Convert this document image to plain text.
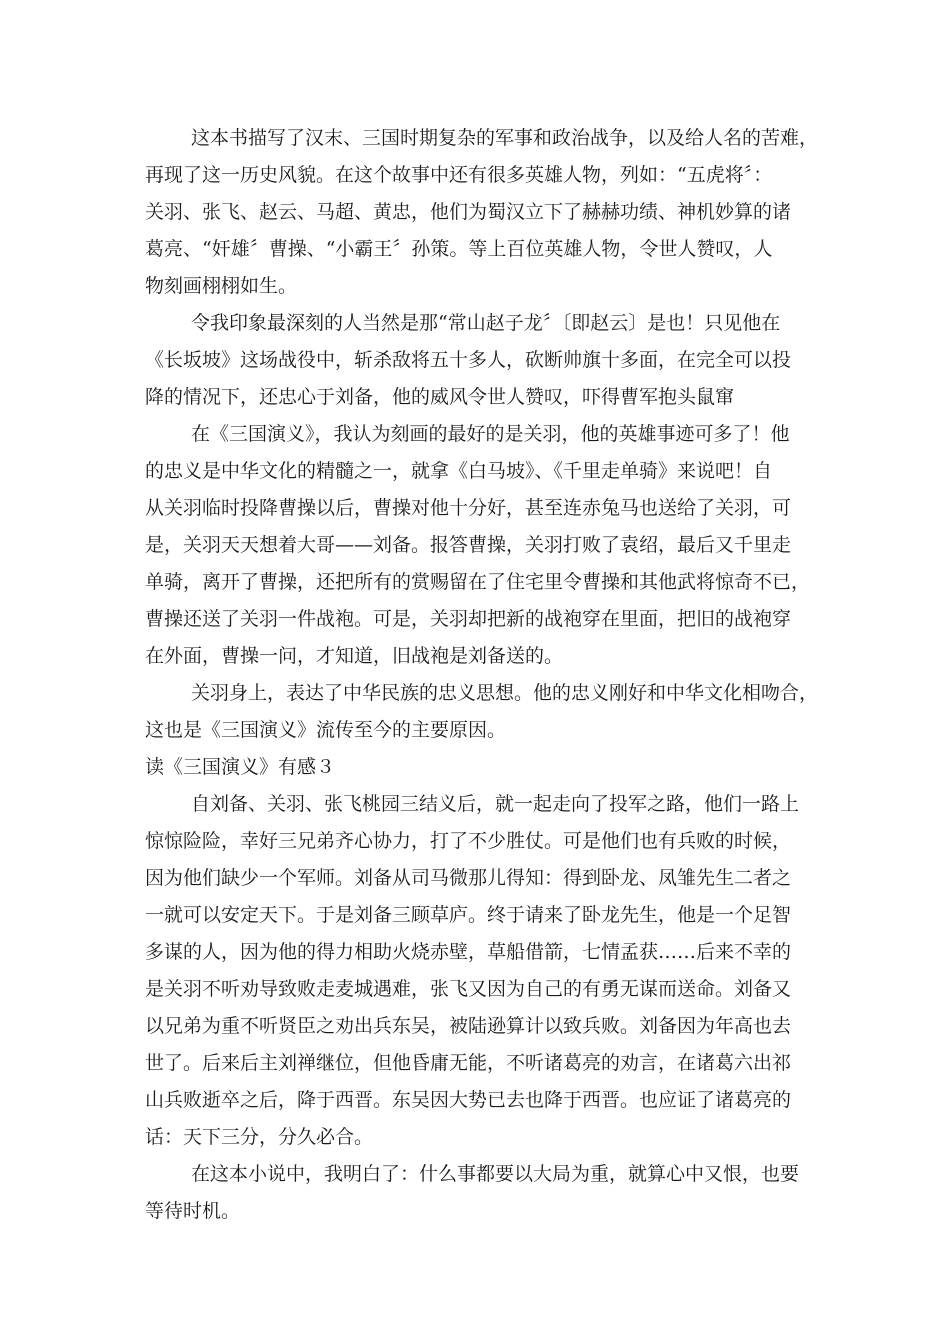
这本书描写了汉末、三国时期复杂的军事和政治战争，以及给人名的苦难，
再现了这一历史风貌。在这个故事中还有很多英雄人物，列如：“五虎将〞：
关羽、张飞、赵云、马超、黄忠，他们为蜀汉立下了赫赫功绩、神机妙算的诸
葛亮、“奸雄〞曹操、“小霸王〞孙策。等上百位英雄人物，令世人赞叹，人
物刻画栩栩如生。
令我印象最深刻的人当然是那“常山赵子龙〞〔即赵云〕是也！只见他在
《长坂坡》这场战役中，斩杀敌将五十多人，砍断帅旗十多面，在完全可以投
降的情况下，还忠心于刘备，他的威风令世人赞叹，吓得曹军抱头鼠窜
在《三国演义》，我认为刻画的最好的是关羽，他的英雄事迹可多了！他
的忠义是中华文化的精髓之一，就拿《白马坡》、《千里走单骑》来说吧！自
从关羽临时投降曹操以后，曹操对他十分好，甚至连赤兔马也送给了关羽，可
是，关羽天天想着大哥——刘备。报答曹操，关羽打败了袁绍，最后又千里走
单骑，离开了曹操，还把所有的赏赐留在了住宅里令曹操和其他武将惊奇不已，
曹操还送了关羽一件战袍。可是，关羽却把新的战袍穿在里面，把旧的战袍穿
在外面，曹操一问，才知道，旧战袍是刘备送的。
关羽身上，表达了中华民族的忠义思想。他的忠义刚好和中华文化相吻合，
这也是《三国演义》流传至今的主要原因。
读《三国演义》有感３
自刘备、关羽、张飞桃园三结义后，就一起走向了投军之路，他们一路上
惊惊险险，幸好三兄弟齐心协力，打了不少胜仗。可是他们也有兵败的时候，
因为他们缺少一个军师。刘备从司马微那儿得知：得到卧龙、凤雏先生二者之
一就可以安定天下。于是刘备三顾草庐。终于请来了卧龙先生，他是一个足智
多谋的人，因为他的得力相助火烧赤壁，草船借箭，七情孟获……后来不幸的
是关羽不听劝导致败走麦城遇难，张飞又因为自己的有勇无谋而送命。刘备又
以兄弟为重不听贤臣之劝出兵东吴，被陆逊算计以致兵败。刘备因为年高也去
世了。后来后主刘禅继位，但他昏庸无能，不听诸葛亮的劝言，在诸葛六出祁
山兵败逝卒之后，降于西晋。东吴因大势已去也降于西晋。也应证了诸葛亮的
话：天下三分，分久必合。
在这本小说中，我明白了：什么事都要以大局为重，就算心中又恨，也要
等待时机。
